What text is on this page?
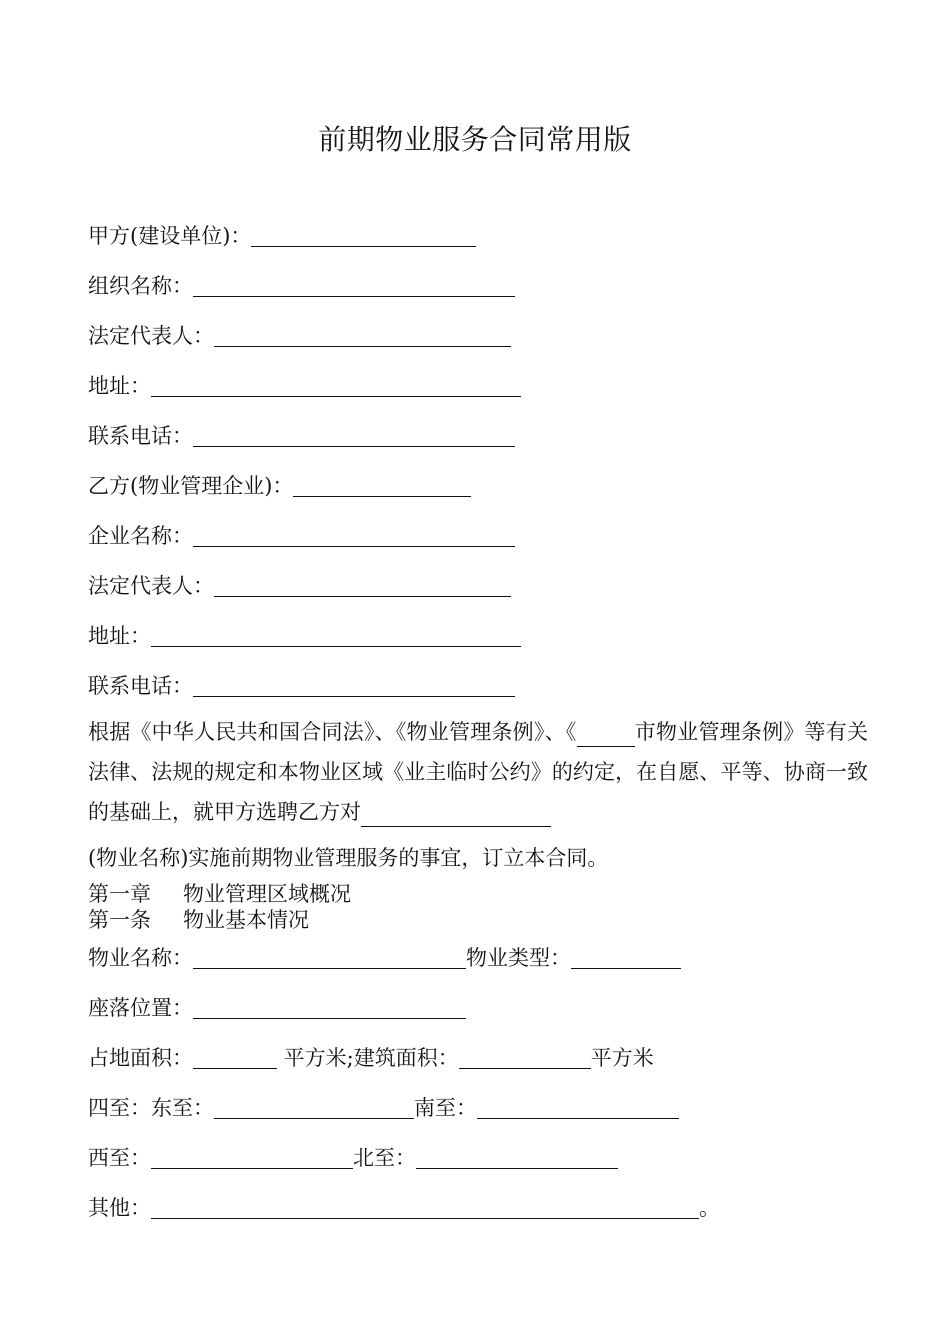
前期物业服务合同常用版
甲方(建设单位)：
组织名称：
法定代表人：
地址：
联系电话：
乙方(物业管理企业)：
企业名称：
法定代表人：
地址：
联系电话：
根据《中华人民共和国合同法》、《物业管理条例》、《	市物业管理条例》等有关法律、法规的规定和本物业区域《业主临时公约》的约定，在自愿、平等、协商一致的基础上，就甲方选聘乙方对
(物业名称)实施前期物业管理服务的事宜，订立本合同。
第一章 物业管理区域概况
第一条 物业基本情况
物业名称：	物业类型：
座落位置：
占地面积：	平方米;建筑面积：	平方米
四至：东至：	南至：
西至：	北至：
其他：	。
